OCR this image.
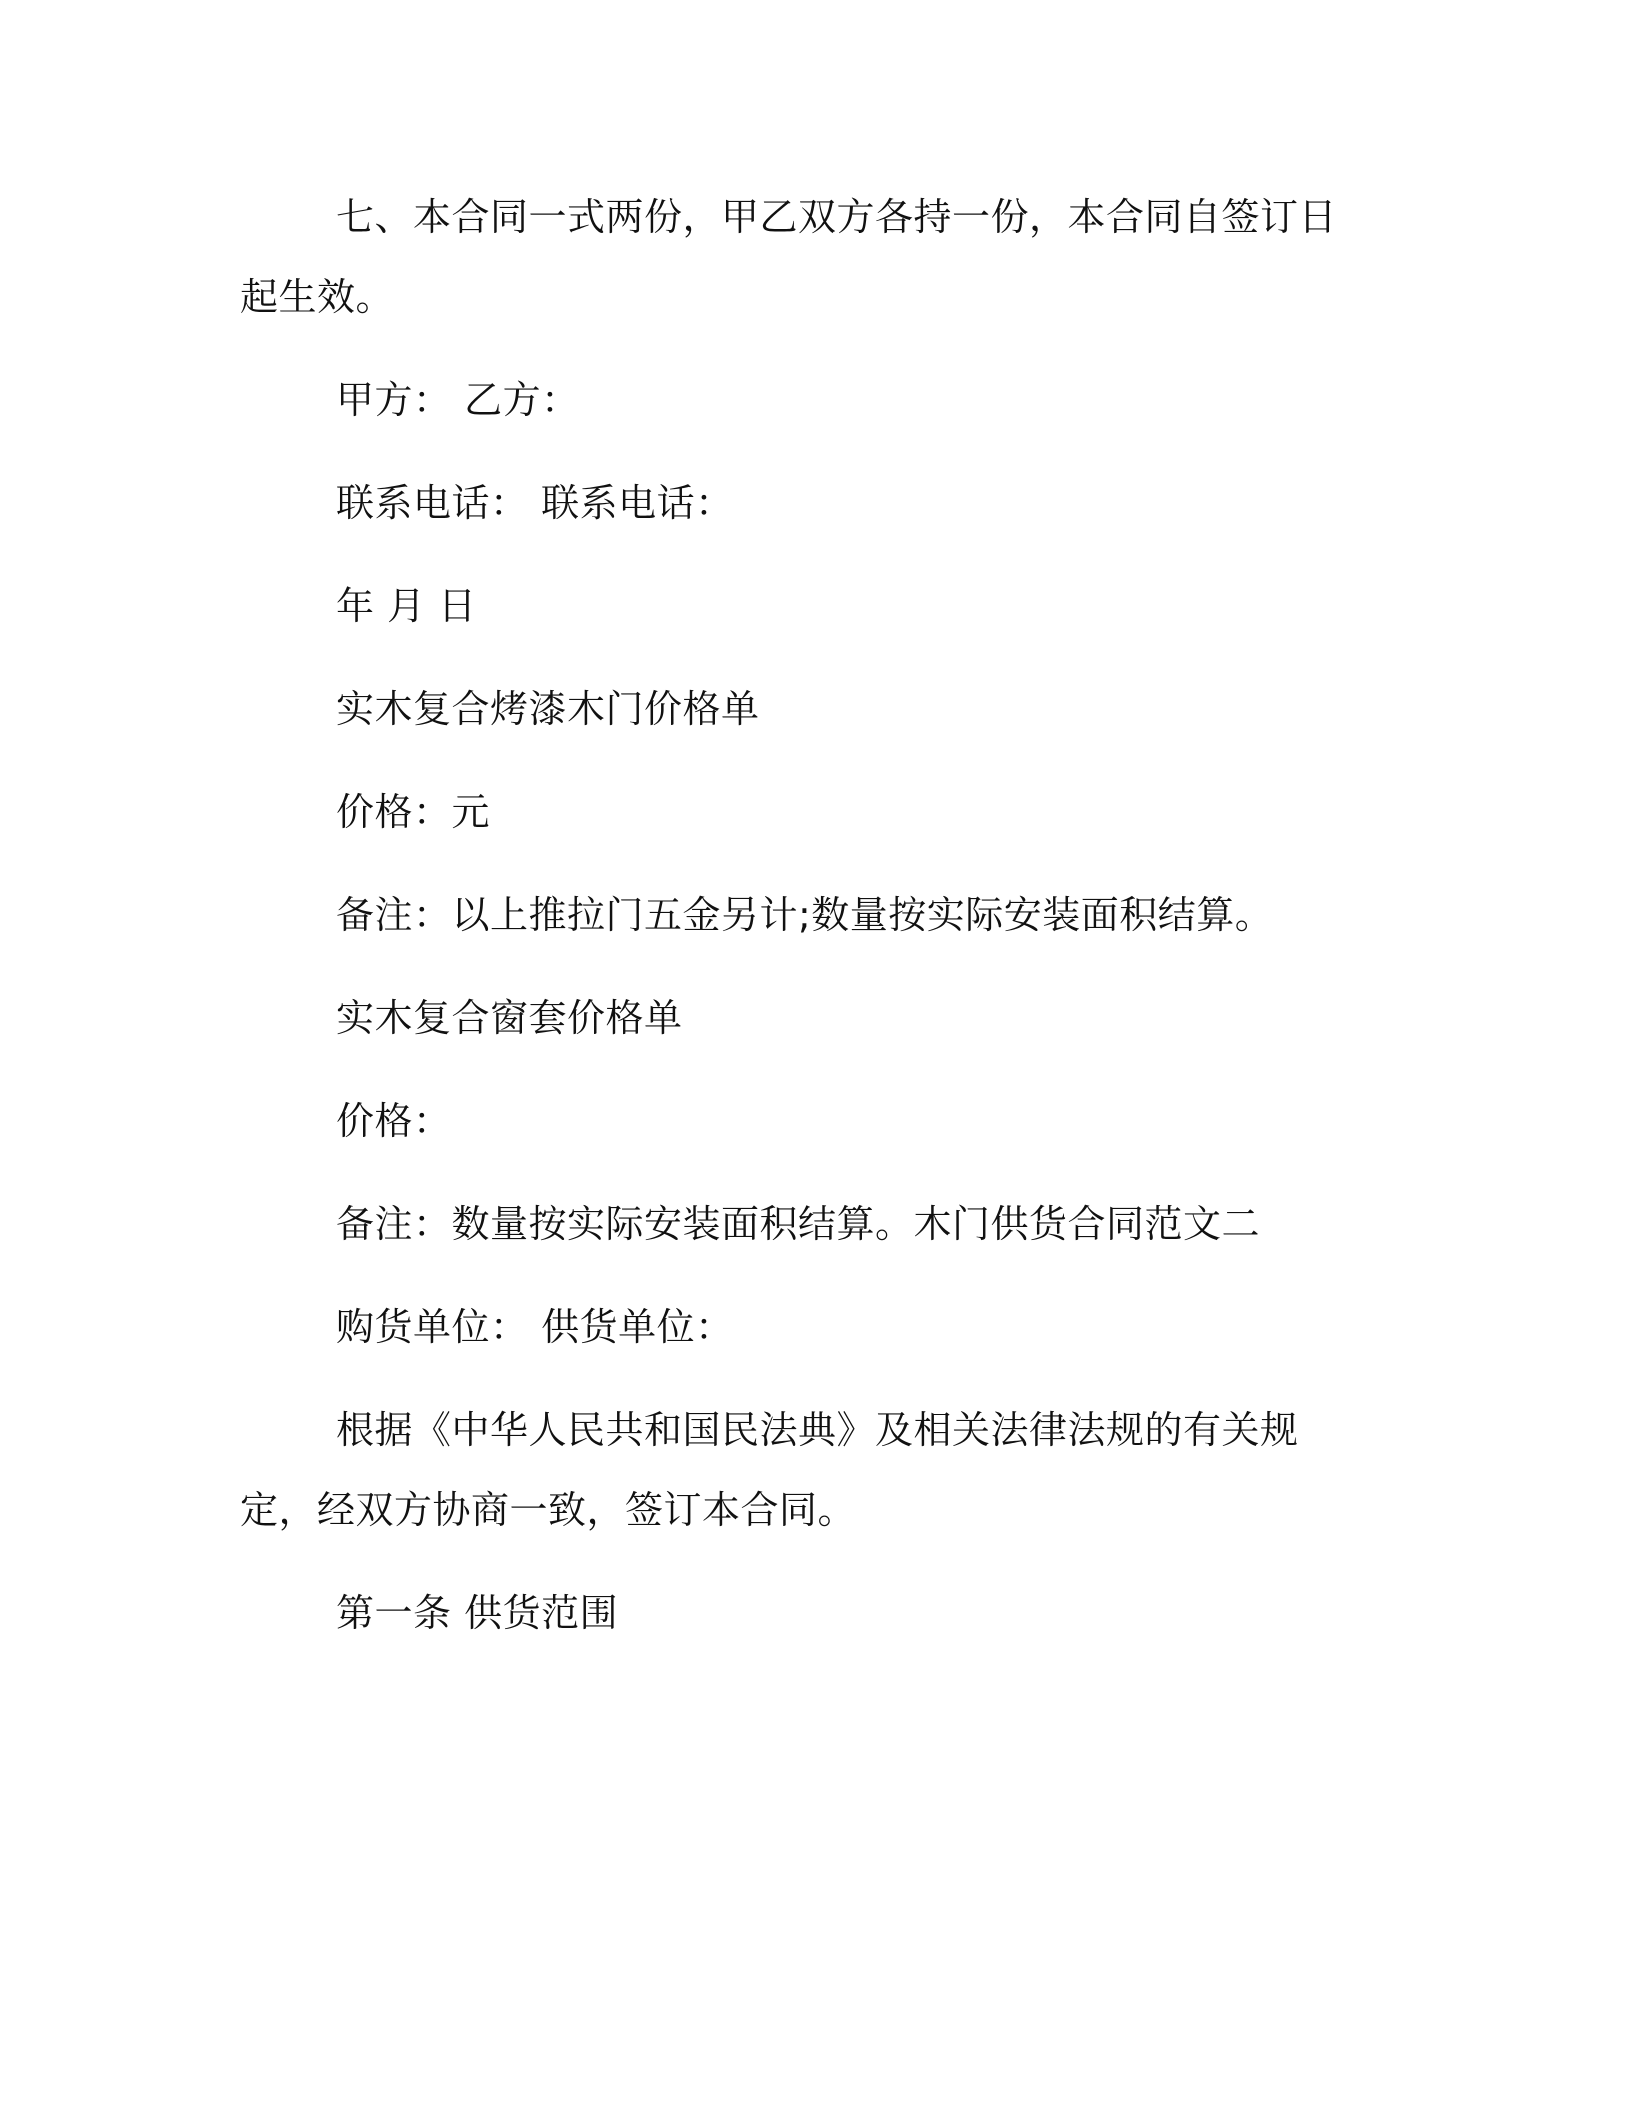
七、本合同一式两份，甲乙双方各持一份，本合同自签订日起生效。
甲方： 乙方：
联系电话： 联系电话：
年 月 日
实木复合烤漆木门价格单
价格：元
备注：以上推拉门五金另计;数量按实际安装面积结算。
实木复合窗套价格单
价格：
备注：数量按实际安装面积结算。木门供货合同范文二
购货单位： 供货单位：
根据《中华人民共和国民法典》及相关法律法规的有关规定，经双方协商一致，签订本合同。
第一条 供货范围
